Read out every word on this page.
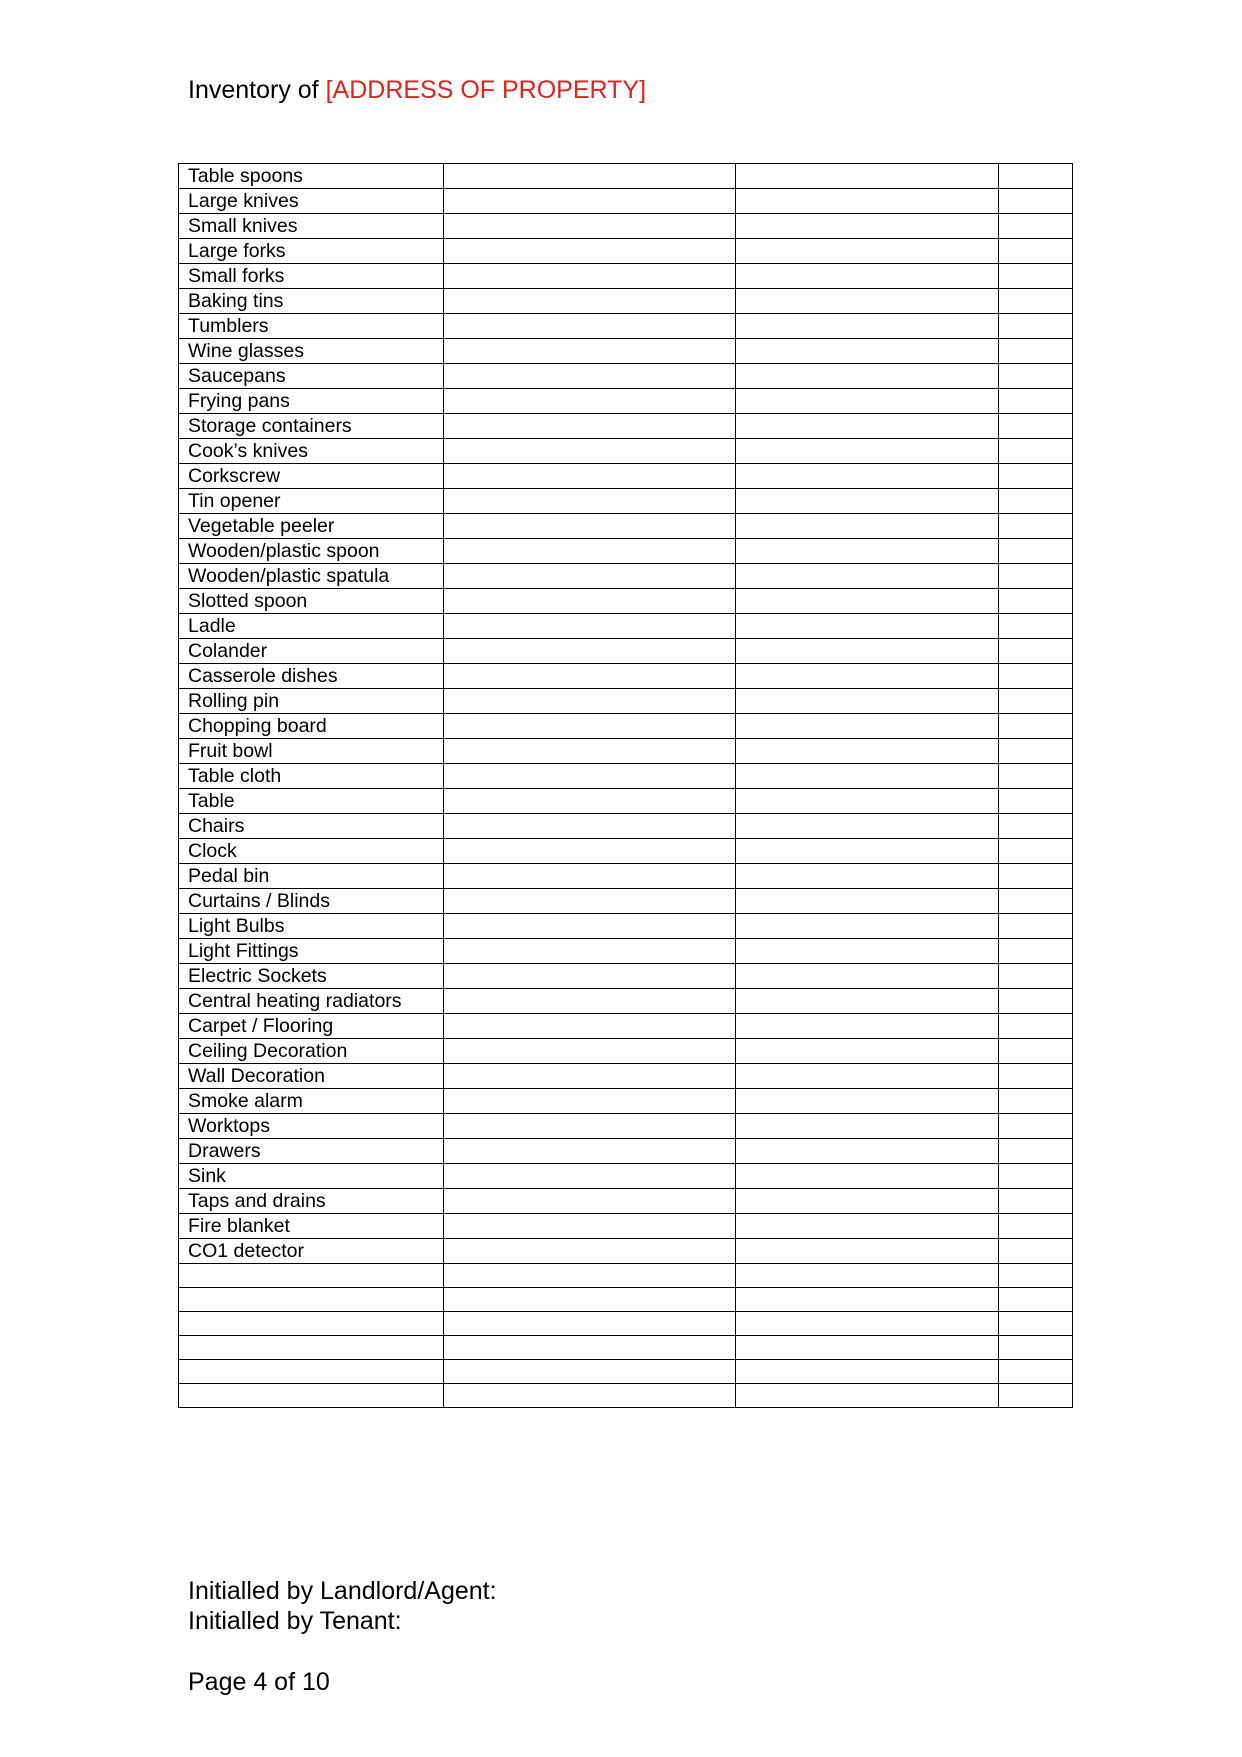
Inventory of [ADDRESS OF PROPERTY]
Table spoons			
Large knives			
Small knives			
Large forks			
Small forks			
Baking tins			
Tumblers			
Wine glasses			
Saucepans			
Frying pans			
Storage containers			
Cook’s knives			
Corkscrew			
Tin opener			
Vegetable peeler			
Wooden/plastic spoon			
Wooden/plastic spatula			
Slotted spoon			
Ladle			
Colander			
Casserole dishes			
Rolling pin			
Chopping board			
Fruit bowl			
Table cloth			
Table			
Chairs			
Clock			
Pedal bin			
Curtains / Blinds			
Light Bulbs			
Light Fittings			
Electric Sockets			
Central heating radiators			
Carpet / Flooring			
Ceiling Decoration			
Wall Decoration			
Smoke alarm			
Worktops			
Drawers			
Sink			
Taps and drains			
Fire blanket			
CO1 detector			

Initialled by Landlord/Agent:
Initialled by Tenant:
Page 4 of 10
